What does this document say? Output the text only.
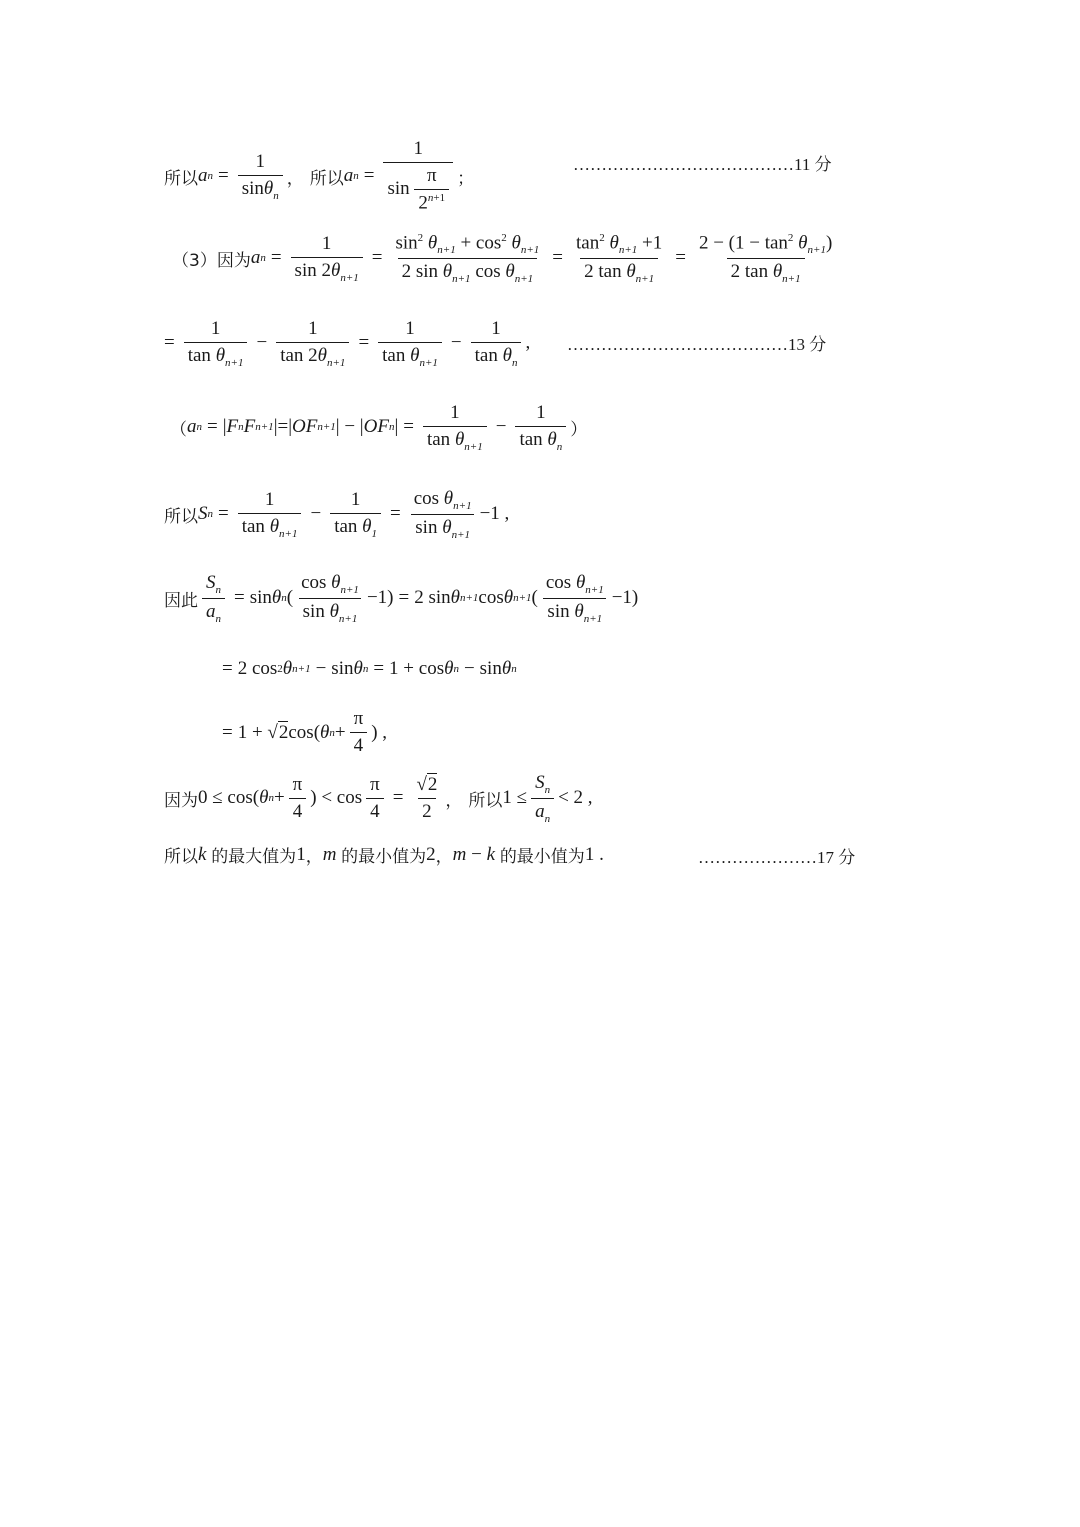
所以 a $n = \frac{1}{\sin\theta_n}$ ， 所以 a $n = \frac{1}{\sin \frac{\pi}{2^{n+1}}}$ ；
…………………………………11 分
（3） 因为 a $n = \frac{1}{\sin 2\theta_{n+1}} = \frac{\sin^2 \theta_{n+1} + \cos^2 \theta_{n+1}}{2 \sin \theta_{n+1} \cos \theta_{n+1}} = \frac{\tan^2 \theta_{n+1} +1}{2 \tan \theta_{n+1}} = \frac{2 - (1 - \tan^2 \theta_{n+1})}{2 \tan \theta_{n+1}}$
= $\frac{1}{\tan \theta_{n+1}} - \frac{1}{\tan 2\theta_{n+1}} = \frac{1}{\tan \theta_{n+1}} - \frac{1}{\tan \theta_n}$ , …………………………………13 分
（ a n = | F n F n+1 |=| OF n+1 | − | OF n | = $\frac{1}{\tan \theta_{n+1}} - \frac{1}{\tan \theta_n}$ ）
所以 S $n = \frac{1}{\tan \theta_{n+1}} - \frac{1}{\tan \theta_1} = \frac{\cos \theta_{n+1}}{\sin \theta_{n+1}} -1$ ,
因此 $\frac{S_n}{a_n} = \sin \theta$ n ( $\frac{\cos \theta_{n+1}}{\sin \theta_{n+1}} -1) = 2$ sin θ n+1 cos θ n+1 ( $\frac{\cos \theta_{n+1}}{\sin \theta_{n+1}} -1$)
= 2 cos 2 θ n+1 − sin θ n = 1 + cos θ n − sin θ n
= 1 + √ 2 cos( θ $n + \frac{\pi}{4}$ ) ,
因为 0 ≤ cos( θ $n + \frac{\pi}{4}$ ) < $\cos \frac{\pi}{4} = \frac{√2}{2}$ ， 所以 $1 \le \frac{S_n}{a_n} < 2$ ,
所以 k
的最大值为 1 ， m
的最小值为 2 ， m − k
的最小值为 1 .	…………………17 分
